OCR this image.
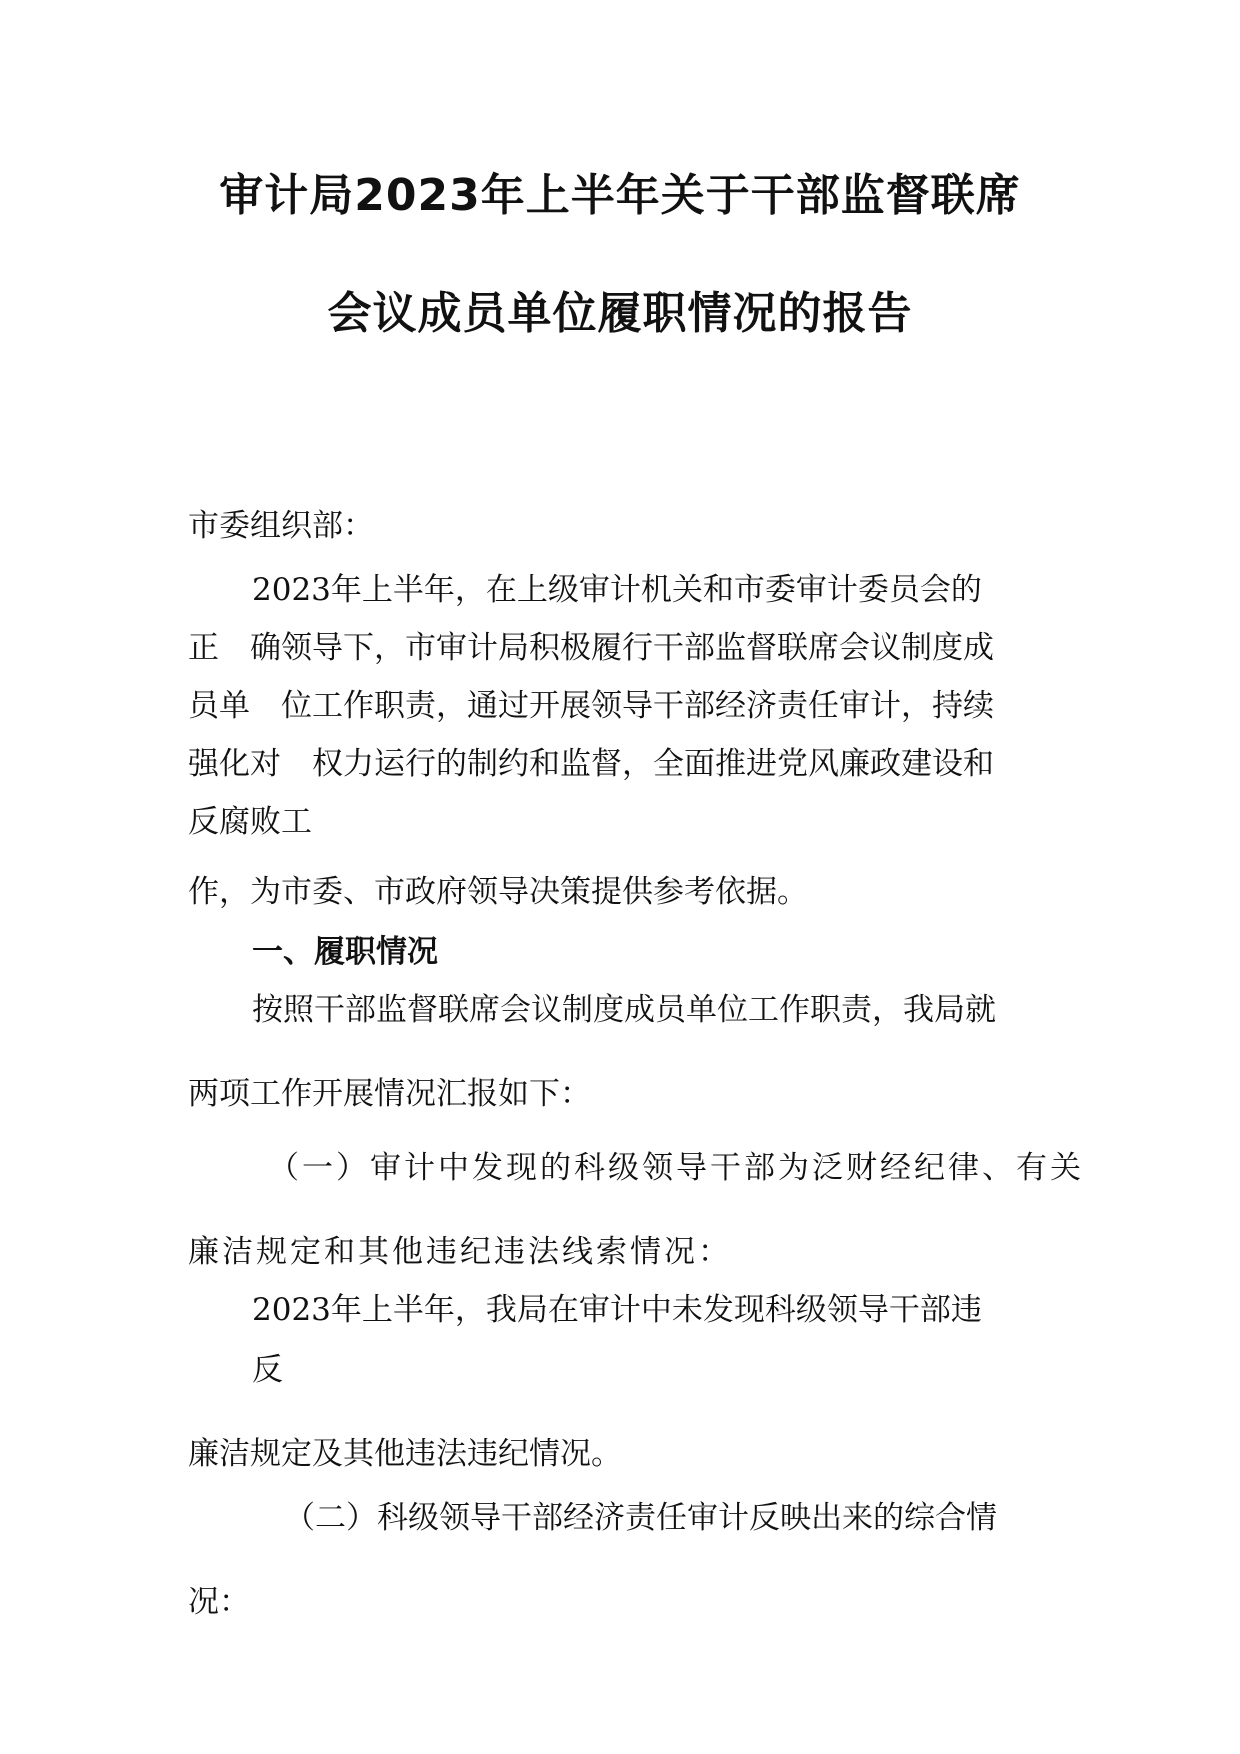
审计局2023年上半年关于干部监督联席
会议成员单位履职情况的报告
市委组织部：
2023年上半年，在上级审计机关和市委审计委员会的
正　确领导下，市审计局积极履行干部监督联席会议制度成
员单　位工作职责，通过开展领导干部经济责任审计，持续
强化对　权力运行的制约和监督，全面推进党风廉政建设和
反腐败工
作，为市委、市政府领导决策提供参考依据。
一、履职情况
按照干部监督联席会议制度成员单位工作职责，我局就
两项工作开展情况汇报如下：
（一）审计中发现的科级领导干部为泛财经纪律、有关
廉洁规定和其他违纪违法线索情况：
2023年上半年，我局在审计中未发现科级领导干部违
反
廉洁规定及其他违法违纪情况。
（二）科级领导干部经济责任审计反映出来的综合情
况：
